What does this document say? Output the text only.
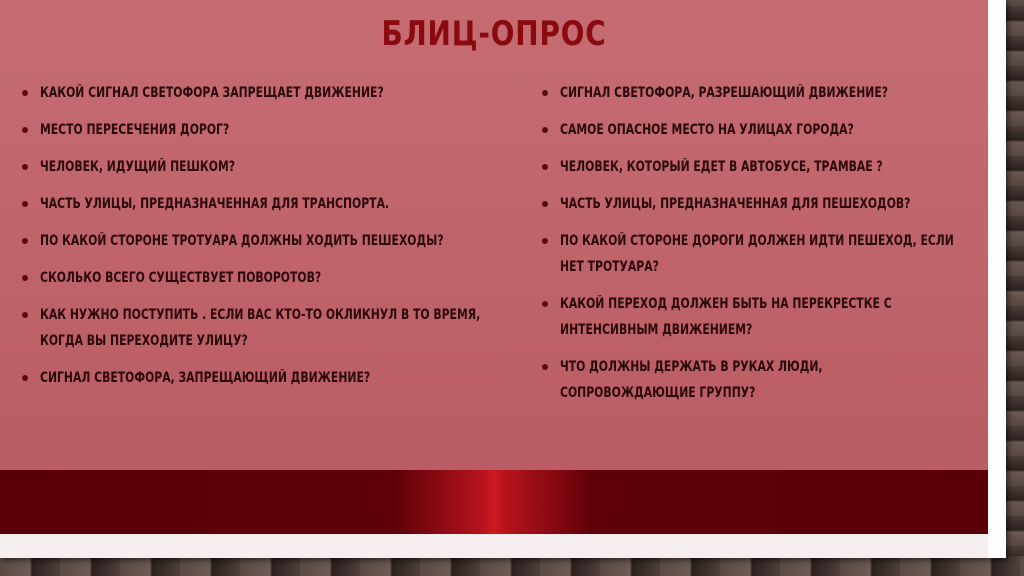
БЛИЦ-ОПРОС
КАКОЙ СИГНАЛ СВЕТОФОРА ЗАПРЕЩАЕТ ДВИЖЕНИЕ?
МЕСТО ПЕРЕСЕЧЕНИЯ ДОРОГ?
ЧЕЛОВЕК, ИДУЩИЙ ПЕШКОМ?
ЧАСТЬ УЛИЦЫ, ПРЕДНАЗНАЧЕННАЯ ДЛЯ ТРАНСПОРТА.
ПО КАКОЙ СТОРОНЕ ТРОТУАРА ДОЛЖНЫ ХОДИТЬ ПЕШЕХОДЫ?
СКОЛЬКО ВСЕГО СУЩЕСТВУЕТ ПОВОРОТОВ?
КАК НУЖНО ПОСТУПИТЬ . ЕСЛИ ВАС КТО-ТО ОКЛИКНУЛ В ТО ВРЕМЯ, КОГДА ВЫ ПЕРЕХОДИТЕ УЛИЦУ?
СИГНАЛ СВЕТОФОРА, ЗАПРЕЩАЮЩИЙ ДВИЖЕНИЕ?
СИГНАЛ СВЕТОФОРА, РАЗРЕШАЮЩИЙ ДВИЖЕНИЕ?
САМОЕ ОПАСНОЕ МЕСТО НА УЛИЦАХ ГОРОДА?
ЧЕЛОВЕК, КОТОРЫЙ ЕДЕТ В АВТОБУСЕ, ТРАМВАЕ ?
ЧАСТЬ УЛИЦЫ, ПРЕДНАЗНАЧЕННАЯ ДЛЯ ПЕШЕХОДОВ?
ПО КАКОЙ СТОРОНЕ ДОРОГИ ДОЛЖЕН ИДТИ ПЕШЕХОД, ЕСЛИ НЕТ ТРОТУАРА?
КАКОЙ ПЕРЕХОД ДОЛЖЕН БЫТЬ НА ПЕРЕКРЕСТКЕ С ИНТЕНСИВНЫМ ДВИЖЕНИЕМ?
ЧТО ДОЛЖНЫ ДЕРЖАТЬ В РУКАХ ЛЮДИ, СОПРОВОЖДАЮЩИЕ ГРУППУ?
